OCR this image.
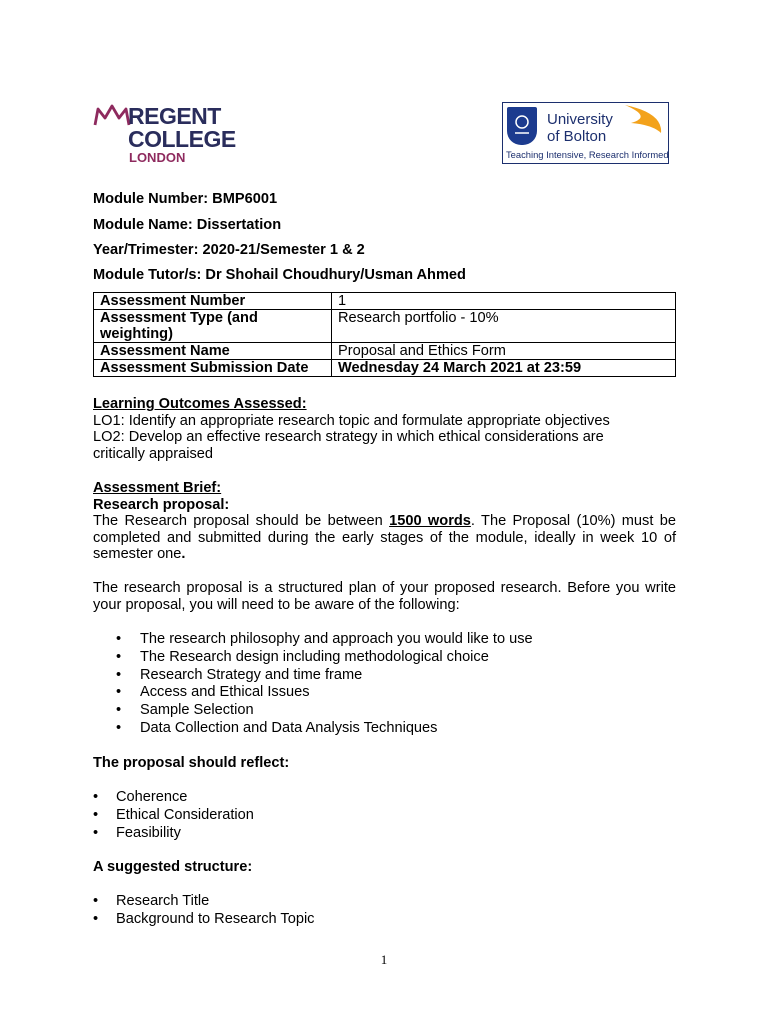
REGENT
COLLEGE
LONDON
University
of Bolton
Teaching Intensive, Research Informed
Module Number: BMP6001
Module Name: Dissertation
Year/Trimester: 2020-21/Semester 1 & 2
Module Tutor/s: Dr Shohail Choudhury/Usman Ahmed
Assessment Number	1
Assessment Type (and weighting)	Research portfolio - 10%
Assessment Name	Proposal and Ethics Form
Assessment Submission Date	Wednesday 24 March 2021 at 23:59
Learning Outcomes Assessed:
LO1: Identify an appropriate research topic and formulate appropriate objectives
LO2: Develop an effective research strategy in which ethical considerations are critically appraised
Assessment Brief:
Research proposal:
The Research proposal should be between 1500 words. The Proposal (10%) must be completed and submitted during the early stages of the module, ideally in week 10 of semester one.
The research proposal is a structured plan of your proposed research. Before you write your proposal, you will need to be aware of the following:
• The research philosophy and approach you would like to use
• The Research design including methodological choice
• Research Strategy and time frame
• Access and Ethical Issues
• Sample Selection
• Data Collection and Data Analysis Techniques
The proposal should reflect:
• Coherence
• Ethical Consideration
• Feasibility
A suggested structure:
• Research Title
• Background to Research Topic
1
